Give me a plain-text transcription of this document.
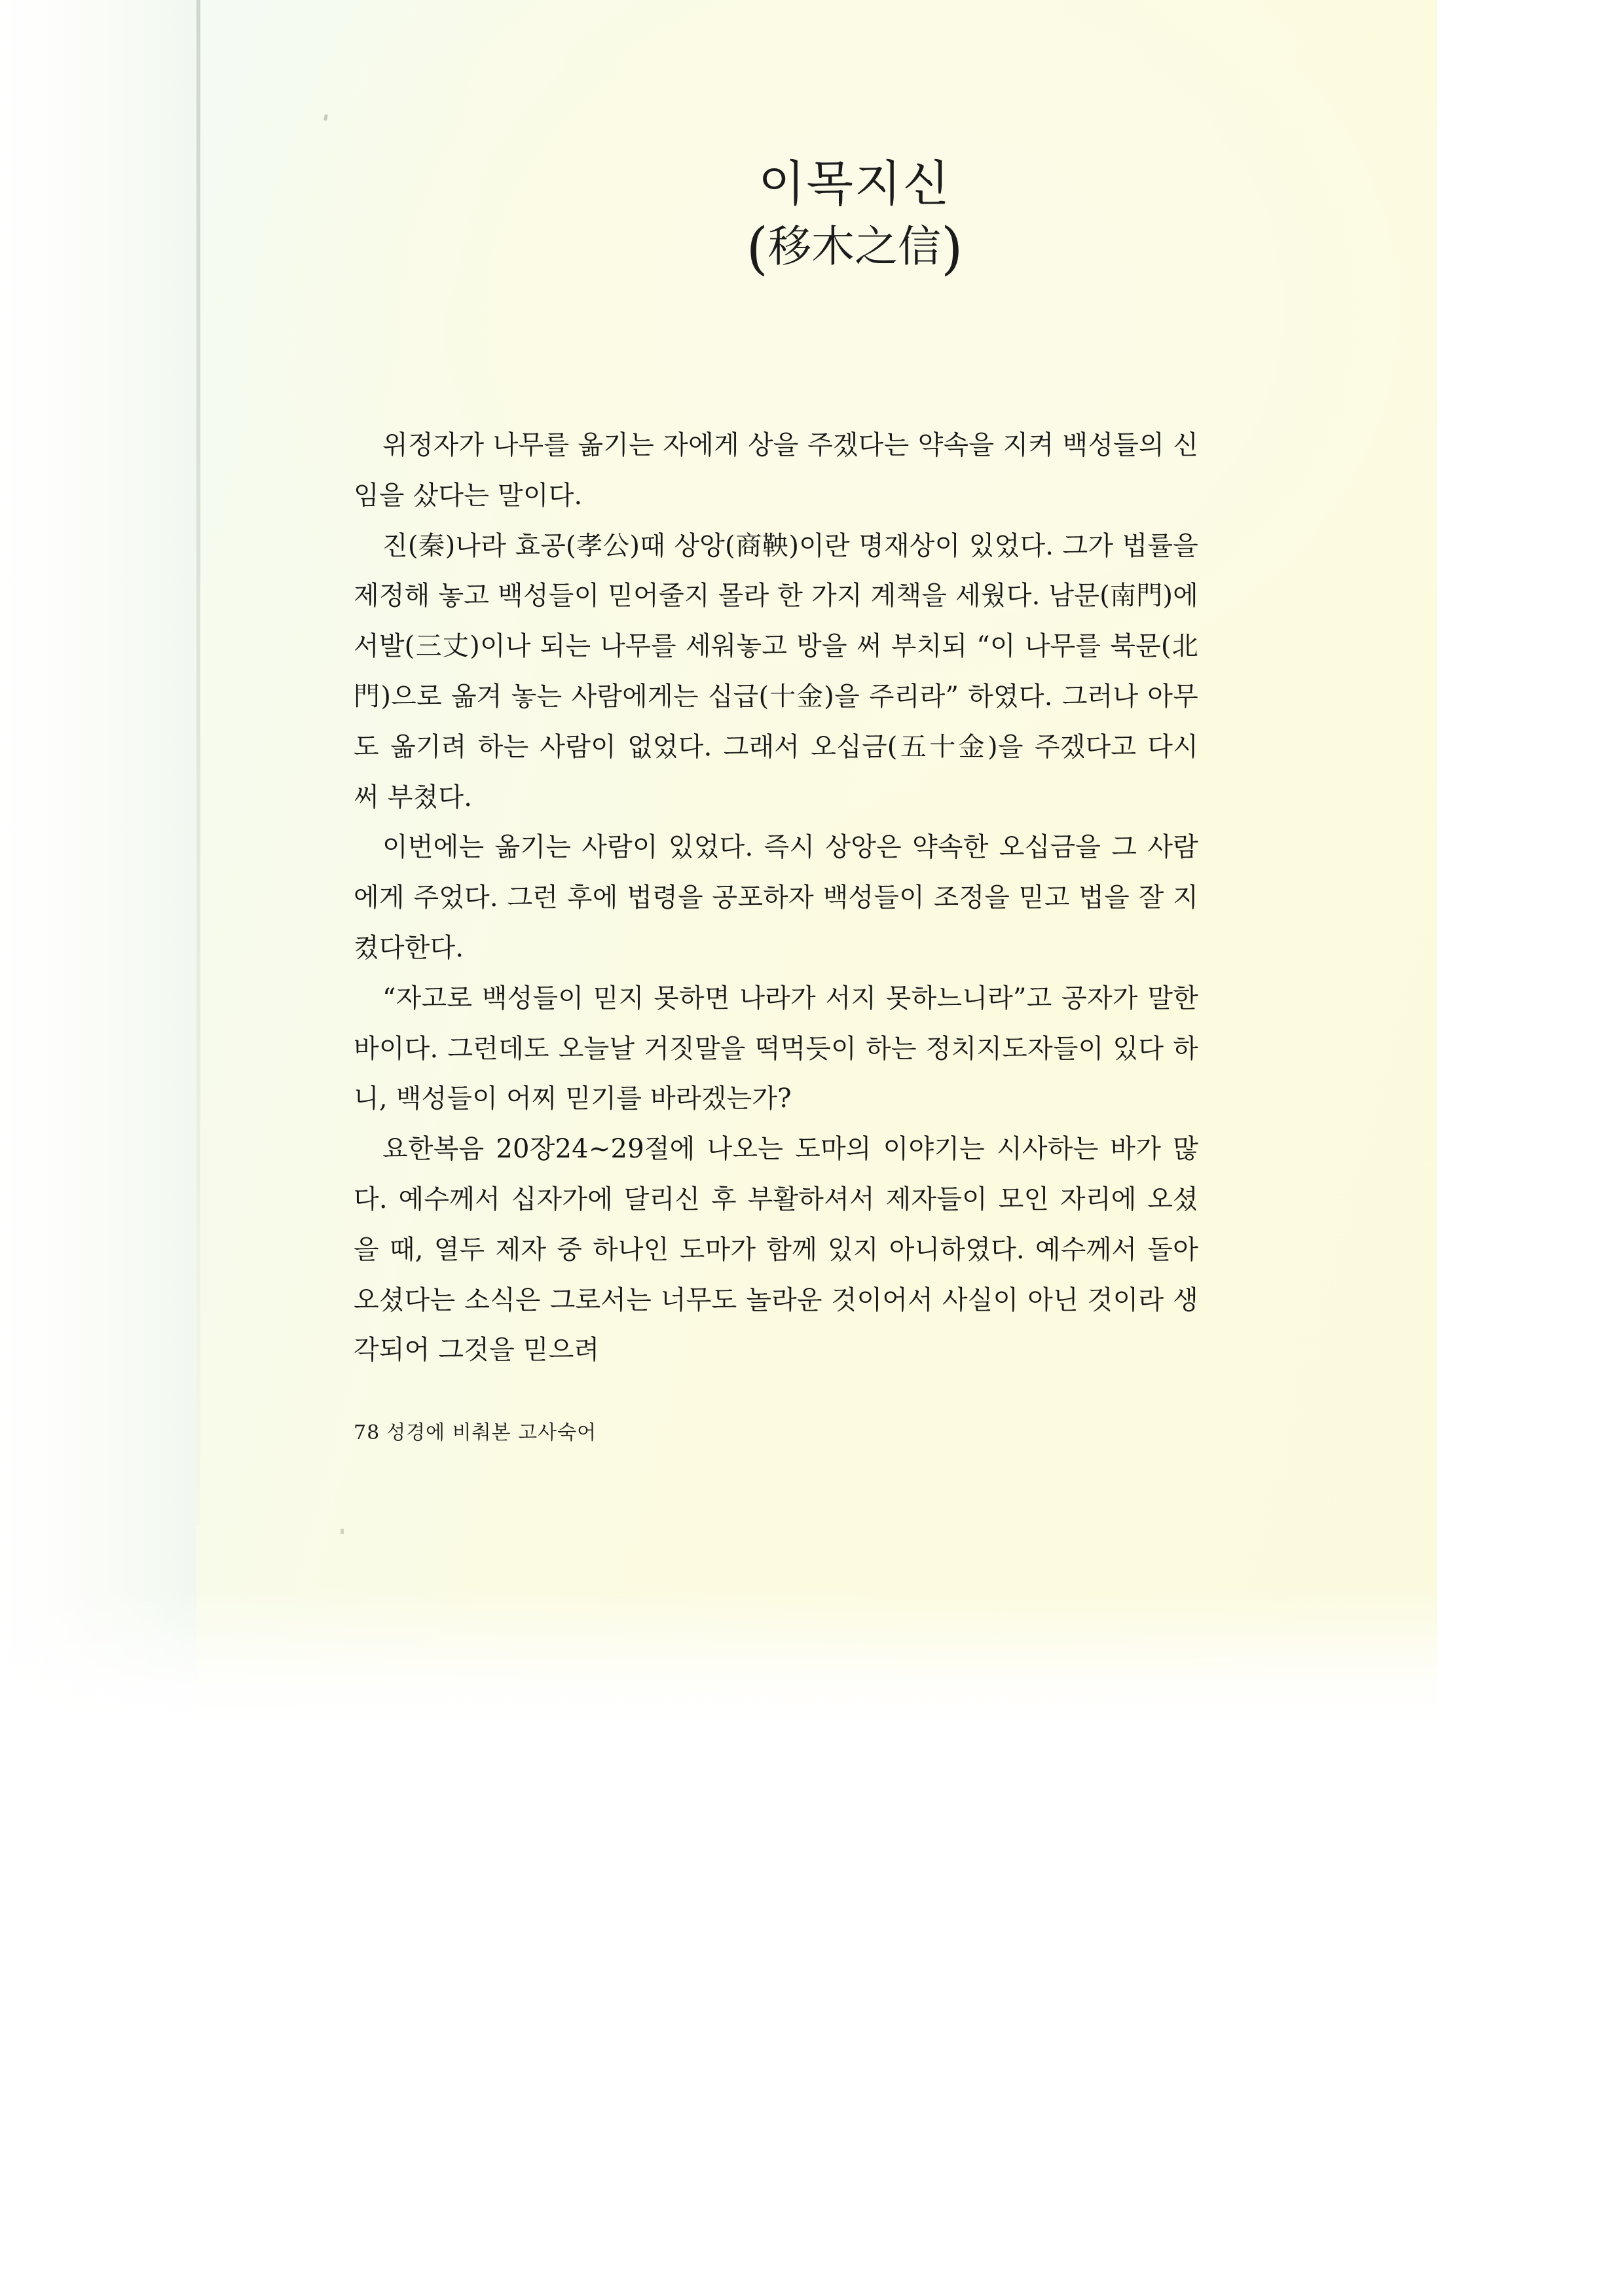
이목지신
(移木之信)

위정자가 나무를 옮기는 자에게 상을 주겠다는 약속을 지켜 백성들의 신임을 샀다는 말이다.

진(秦)나라 효공(孝公)때 상앙(商鞅)이란 명재상이 있었다. 그가 법률을 제정해 놓고 백성들이 믿어줄지 몰라 한 가지 계책을 세웠다. 남문(南門)에 서발(三丈)이나 되는 나무를 세워놓고 방을 써 부치되 “이 나무를 북문(北門)으로 옮겨 놓는 사람에게는 십급(十金)을 주리라” 하였다. 그러나 아무도 옮기려 하는 사람이 없었다. 그래서 오십금(五十金)을 주겠다고 다시 써 부쳤다.

이번에는 옮기는 사람이 있었다. 즉시 상앙은 약속한 오십금을 그 사람에게 주었다. 그런 후에 법령을 공포하자 백성들이 조정을 믿고 법을 잘 지켰다한다.

“자고로 백성들이 믿지 못하면 나라가 서지 못하느니라”고 공자가 말한 바이다. 그런데도 오늘날 거짓말을 떡먹듯이 하는 정치지도자들이 있다 하니, 백성들이 어찌 믿기를 바라겠는가?

요한복음 20장24~29절에 나오는 도마의 이야기는 시사하는 바가 많다. 예수께서 십자가에 달리신 후 부활하셔서 제자들이 모인 자리에 오셨을 때, 열두 제자 중 하나인 도마가 함께 있지 아니하였다. 예수께서 돌아 오셨다는 소식은 그로서는 너무도 놀라운 것이어서 사실이 아닌 것이라 생각되어 그것을 믿으려

78 성경에 비춰본 고사숙어
